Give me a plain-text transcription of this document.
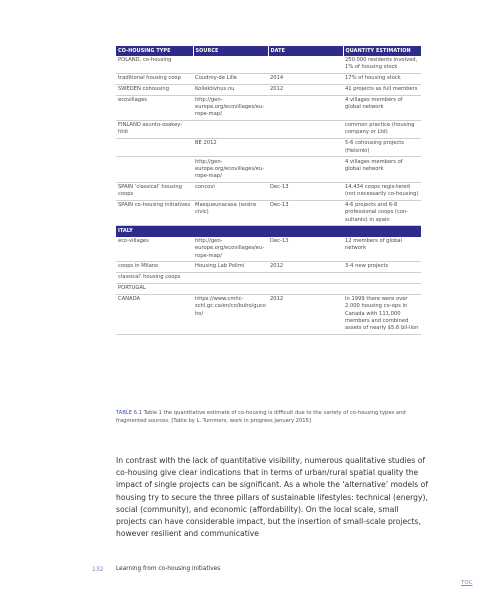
CO-HOUSING TYPE	SOURCE	DATE	QUANTITY ESTIMATION
POLAND, co-housing			250.000 residents involved, 1% of housing stock
traditional housing coop	Coudroy-de Lille	2014	17% of housing stock
SWEDEN cohousing	Kollektivhus.nu	2012	41 projects as full members
ecovillages	http://gen-europe.org/ecovillages/eu-rope-map/		4 villages members of global network
FINLAND asunto-osakey-htiö			common practice (housing company or Ltd)
	BE 2012		5-6 cohousing projects (Helsinki)
	http://gen-europe.org/ecovillages/eu-rope-map/		4 villages members of global network
SPAIN ‘classical’ housing coops	concovi	Dec-13	14.434 coops regis-tered (not necessarily co-housing)
SPAIN co-housing initiatives	Masqueunacasa (sostre civic)	Dec-13	4-6 projects and 6-8 professional coops (con-sultants) in spain
ITALY			
eco-villages	http://gen-europe.org/ecovillages/eu-rope-map/	Dec-13	12 members of global network
coops in Milano	Housing Lab Polimi	2012	3-4 new projects
classical’ housing coops			
PORTUGAL			
CANADA	https://www.cmhc-schl.gc.ca/en/co/buho/gucoho/	2012	In 1999 there were over 2,000 housing co-ops in Canada with 111,000 members and combined assets of nearly $5.6 bil-lion
TABLE 6.1 Table 1 the quantitative estimate of co-housing is difficult due to the variety of co-housing types and fragmented sources. [Table by L. Tummers, work in progress January 2015]
In contrast with the lack of quantitative visibility, numerous qualitative studies of co-housing give clear indications that in terms of urban/rural spatial quality the impact of single projects can be significant. As a whole the ‘alternative’ models of housing try to secure the three pillars of sustainable lifestyles: technical (energy), social (community), and economic (affordability). On the local scale, small projects can have considerable impact, but the insertion of small-scale projects, however resilient and communicative
132 Learning from co-housing initiatives
TOC
